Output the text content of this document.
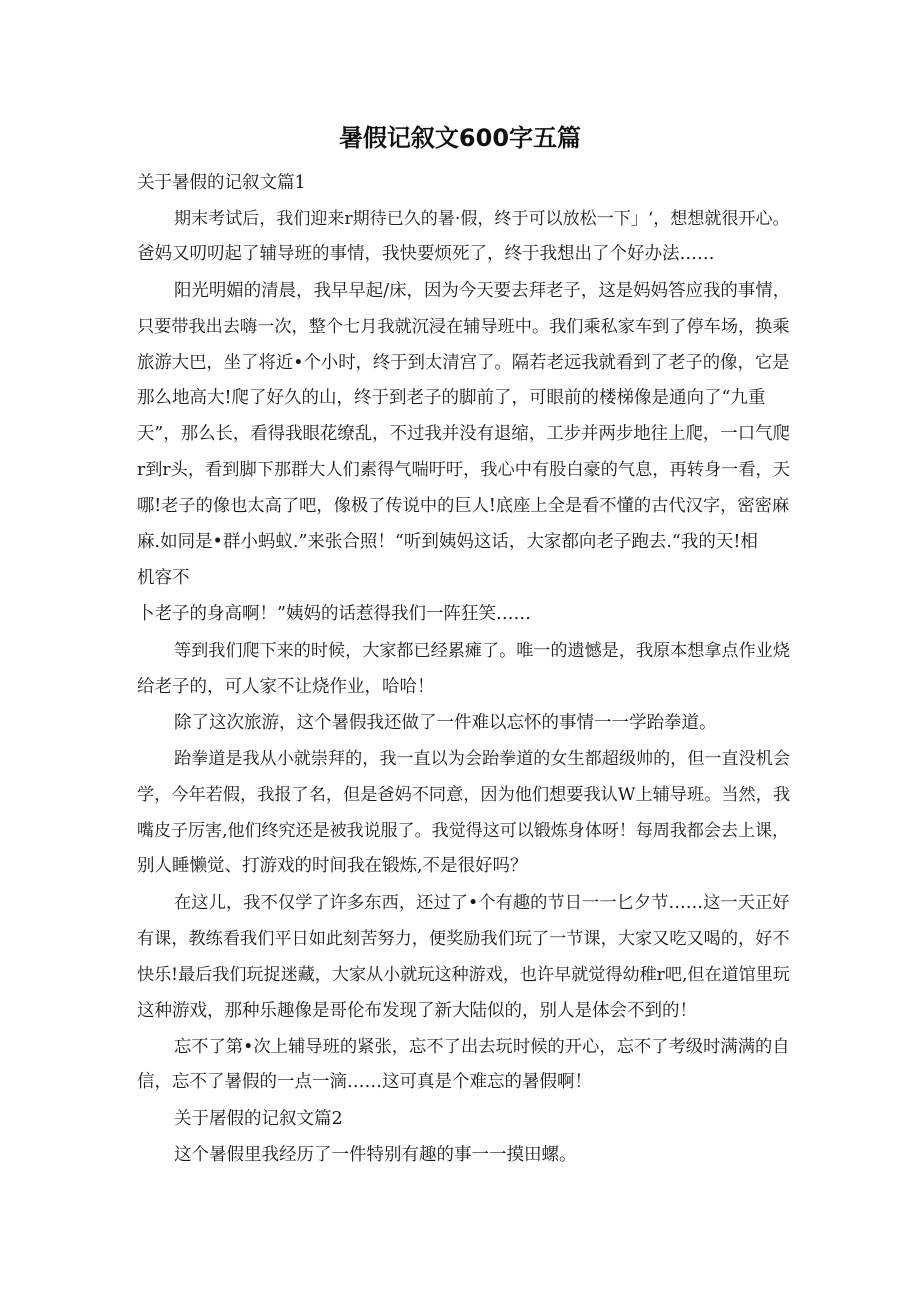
暑假记叙文600字五篇
关于暑假的记叙文篇1
期末考试后，我们迎来r期待已久的暑·假，终于可以放松一下」‘，想想就很开心。
爸妈又叨叨起了辅导班的事情，我快要烦死了，终于我想出了个好办法……
阳光明媚的清晨，我早早起/床，因为今天要去拜老子，这是妈妈答应我的事情，
只要带我出去嗨一次，整个七月我就沉浸在辅导班中。我们乘私家车到了停车场，换乘
旅游大巴，坐了将近•个小时，终于到太清宫了。隔若老远我就看到了老子的像，它是
那么地高大!爬了好久的山，终于到老子的脚前了，可眼前的楼梯像是通向了“九重
天”，那么长，看得我眼花缭乱，不过我并没有退缩，工步并两步地往上爬，一口气爬
r到r头，看到脚下那群大人们素得气喘吁吁，我心中有股白豪的气息，再转身一看，天
哪!老子的像也太高了吧，像极了传说中的巨人!底座上全是看不懂的古代汉字，密密麻
麻.如同是•群小蚂蚁.”来张合照！“听到姨妈这话，大家都向老子跑去.“我的天!相
机容不
卜老子的身高啊！”姨妈的话惹得我们一阵狂笑……
等到我们爬下来的时候，大家都已经累瘫了。唯一的遗憾是，我原本想拿点作业烧
给老子的，可人家不让烧作业，哈哈！
除了这次旅游，这个暑假我还做了一件难以忘怀的事情一一学跆拳道。
跆拳道是我从小就崇拜的，我一直以为会跆拳道的女生都超级帅的，但一直没机会
学，今年若假，我报了名，但是爸妈不同意，因为他们想要我认W上辅导班。当然，我
嘴皮子厉害,他们终究还是被我说服了。我觉得这可以锻炼身体呀！每周我都会去上课，
别人睡懒觉、打游戏的时间我在锻炼,不是很好吗？
在这儿，我不仅学了许多东西，还过了•个有趣的节日一一匕夕节……这一天正好
有课，教练看我们平日如此刻苦努力，便奖励我们玩了一节课，大家又吃又喝的，好不
快乐!最后我们玩捉迷藏，大家从小就玩这种游戏，也许早就觉得幼稚r吧,但在道馆里玩
这种游戏，那种乐趣像是哥伦布发现了新大陆似的，别人是体会不到的！
忘不了第•次上辅导班的紧张，忘不了出去玩时候的开心，忘不了考级时满满的自
信，忘不了暑假的一点一滴……这可真是个难忘的暑假啊！
关于屠假的记叙文篇2
这个暑假里我经历了一件特别有趣的事一一摸田螺。
